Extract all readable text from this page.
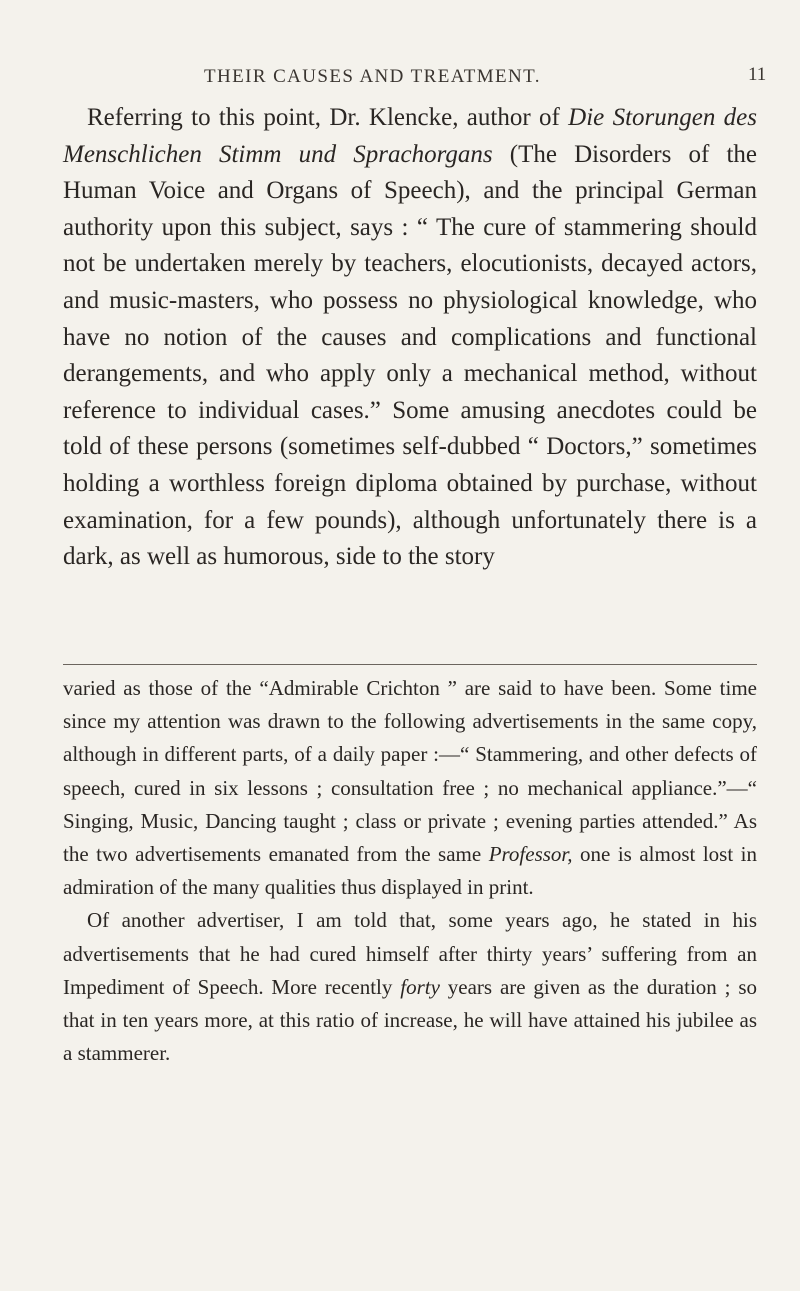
THEIR CAUSES AND TREATMENT.	11

Referring to this point, Dr. Klencke, author of Die Storungen des Menschlichen Stimm und Sprachorgans (The Disorders of the Human Voice and Organs of Speech), and the principal German authority upon this subject, says : “ The cure of stammering should not be undertaken merely by teachers, elocutionists, decayed actors, and music-masters, who possess no physiological knowledge, who have no notion of the causes and complications and functional derangements, and who apply only a mechanical method, without reference to individual cases.” Some amusing anecdotes could be told of these persons (sometimes self-dubbed “ Doctors,” sometimes holding a worthless foreign diploma obtained by purchase, without examination, for a few pounds), although unfortunately there is a dark, as well as humorous, side to the story

varied as those of the “Admirable Crichton ” are said to have been. Some time since my attention was drawn to the following advertisements in the same copy, although in different parts, of a daily paper :—“ Stammering, and other defects of speech, cured in six lessons ; consultation free ; no mechanical appliance.”—“ Singing, Music, Dancing taught ; class or private ; evening parties attended.” As the two advertisements emanated from the same Professor, one is almost lost in admiration of the many qualities thus displayed in print.

Of another advertiser, I am told that, some years ago, he stated in his advertisements that he had cured himself after thirty years’ suffering from an Impediment of Speech. More recently forty years are given as the duration ; so that in ten years more, at this ratio of increase, he will have attained his jubilee as a stammerer.
